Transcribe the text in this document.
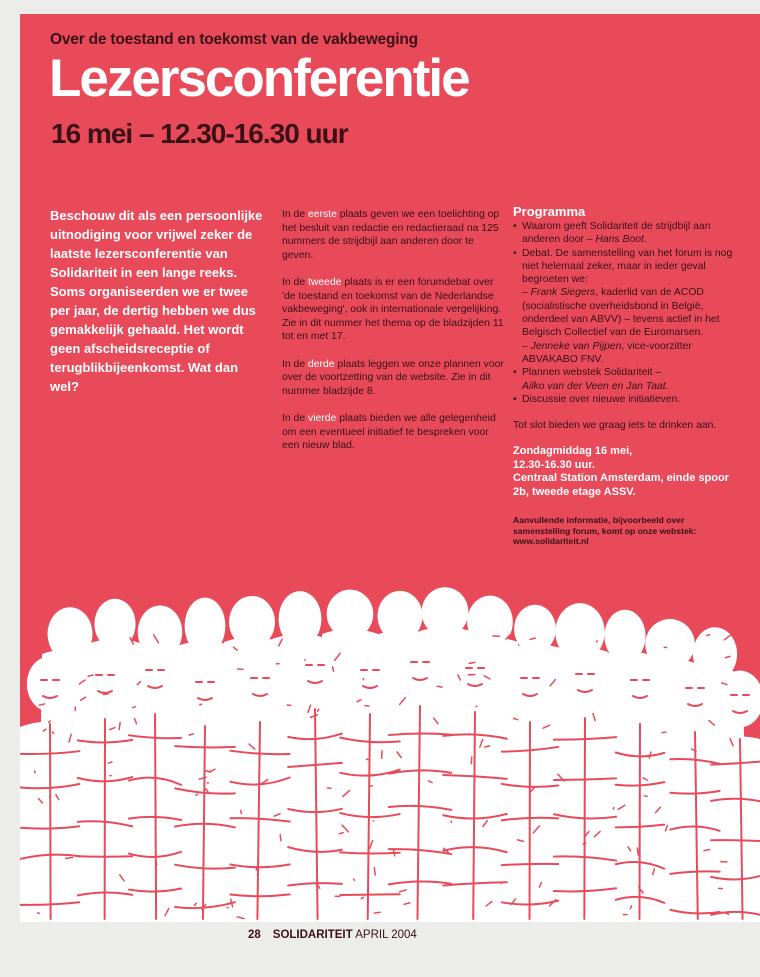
Over de toestand en toekomst van de vakbeweging
Lezersconferentie
16 mei – 12.30-16.30 uur
Beschouw dit als een persoonlijke uitnodiging voor vrijwel zeker de laatste lezersconferentie van Solidariteit in een lange reeks. Soms organiseerden we er twee per jaar, de dertig hebben we dus gemakkelijk gehaald. Het wordt geen afscheidsreceptie of terugblikbijeenkomst. Wat dan wel?

In de eerste plaats geven we een toelichting op het besluit van redactie en redactieraad na 125 nummers de strijdbijl aan anderen door te geven.

In de tweede plaats is er een forumdebat over 'de toestand en toekomst van de Nederlandse vakbeweging', ook in internationale vergelijking. Zie in dit nummer het thema op de bladzijden 11 tot en met 17.

In de derde plaats leggen we onze plannen voor over de voortzetting van de website. Zie in dit nummer bladzijde 8.

In de vierde plaats bieden we alle gelegenheid om een eventueel initiatief te bespreken voor een nieuw blad.

Programma
• Waarom geeft Solidariteit de strijdbijl aan anderen door – Hans Boot.
• Debat. De samenstelling van het forum is nog niet helemaal zeker, maar in ieder geval begroeten we:
– Frank Siegers, kaderlid van de ACOD (socialistische overheidsbond in België, onderdeel van ABVV) – tevens actief in het Belgisch Collectief van de Euromarsen.
– Jenneke van Pijpen, vice-voorzitter ABVAKABO FNV.
• Plannen webstek Solidariteit –
Ailko van der Veen en Jan Taat.
• Discussie over nieuwe initiatieven.
Tot slot bieden we graag iets te drinken aan.
Zondagmiddag 16 mei,
12.30-16.30 uur.
Centraal Station Amsterdam, einde spoor 2b, tweede etage ASSV.
Aanvullende informatie, bijvoorbeeld over samenstelling forum, komt op onze webstek: www.solidariteit.nl
28 SOLIDARITEIT APRIL 2004
